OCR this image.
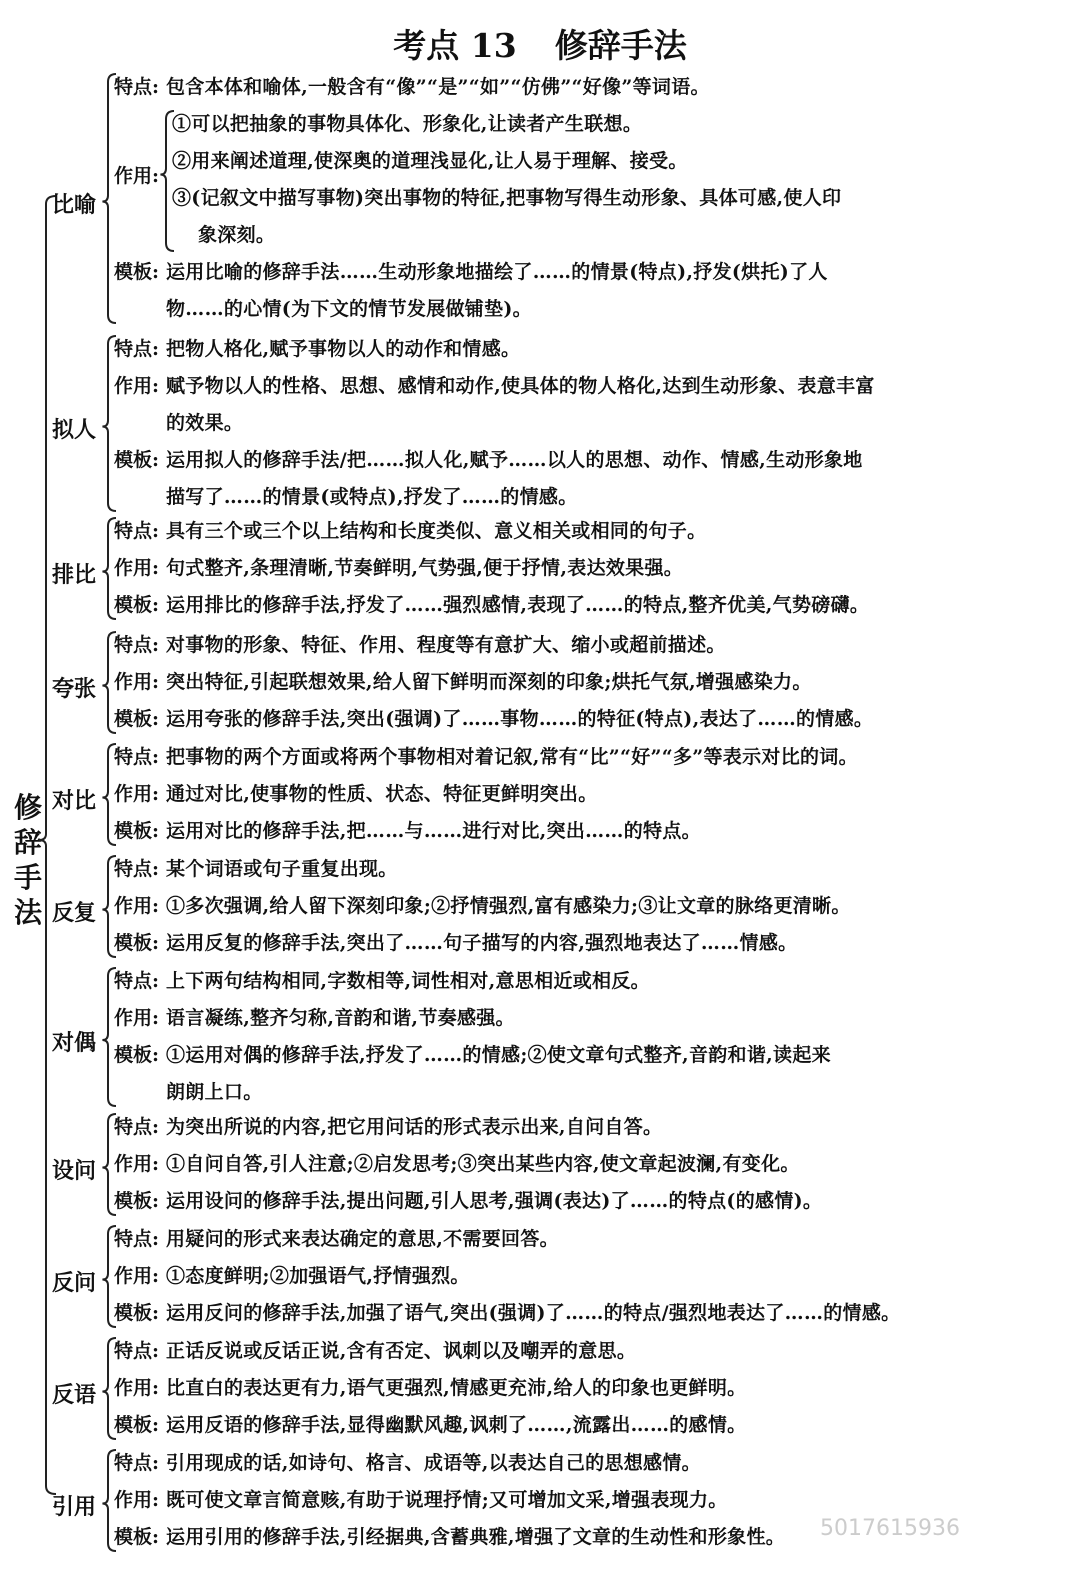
考点 13 修辞手法
修
辞
手
法
特点: 包含本体和喻体,一般含有“像”“是”“如”“仿佛”“好像”等词语。
作用:
①可以把抽象的事物具体化、形象化,让读者产生联想。
②用来阐述道理,使深奥的道理浅显化,让人易于理解、接受。
③(记叙文中描写事物)突出事物的特征,把事物写得生动形象、具体可感,使人印
象深刻。
模板: 运用比喻的修辞手法……生动形象地描绘了……的情景(特点),抒发(烘托)了人
物……的心情(为下文的情节发展做铺垫)。
比喻
特点: 把物人格化,赋予事物以人的动作和情感。
作用: 赋予物以人的性格、思想、感情和动作,使具体的物人格化,达到生动形象、表意丰富
的效果。
模板: 运用拟人的修辞手法/把……拟人化,赋予……以人的思想、动作、情感,生动形象地
描写了……的情景(或特点),抒发了……的情感。
拟人
特点: 具有三个或三个以上结构和长度类似、意义相关或相同的句子。
作用: 句式整齐,条理清晰,节奏鲜明,气势强,便于抒情,表达效果强。
模板: 运用排比的修辞手法,抒发了……强烈感情,表现了……的特点,整齐优美,气势磅礴。
排比
特点: 对事物的形象、特征、作用、程度等有意扩大、缩小或超前描述。
作用: 突出特征,引起联想效果,给人留下鲜明而深刻的印象;烘托气氛,增强感染力。
模板: 运用夸张的修辞手法,突出(强调)了……事物……的特征(特点),表达了……的情感。
夸张
特点: 把事物的两个方面或将两个事物相对着记叙,常有“比”“好”“多”等表示对比的词。
作用: 通过对比,使事物的性质、状态、特征更鲜明突出。
模板: 运用对比的修辞手法,把……与……进行对比,突出……的特点。
对比
特点: 某个词语或句子重复出现。
作用: ①多次强调,给人留下深刻印象;②抒情强烈,富有感染力;③让文章的脉络更清晰。
模板: 运用反复的修辞手法,突出了……句子描写的内容,强烈地表达了……情感。
反复
特点: 上下两句结构相同,字数相等,词性相对,意思相近或相反。
作用: 语言凝练,整齐匀称,音韵和谐,节奏感强。
模板: ①运用对偶的修辞手法,抒发了……的情感;②使文章句式整齐,音韵和谐,读起来
朗朗上口。
对偶
特点: 为突出所说的内容,把它用问话的形式表示出来,自问自答。
作用: ①自问自答,引人注意;②启发思考;③突出某些内容,使文章起波澜,有变化。
模板: 运用设问的修辞手法,提出问题,引人思考,强调(表达)了……的特点(的感情)。
设问
特点: 用疑问的形式来表达确定的意思,不需要回答。
作用: ①态度鲜明;②加强语气,抒情强烈。
模板: 运用反问的修辞手法,加强了语气,突出(强调)了……的特点/强烈地表达了……的情感。
反问
特点: 正话反说或反话正说,含有否定、讽刺以及嘲弄的意思。
作用: 比直白的表达更有力,语气更强烈,情感更充沛,给人的印象也更鲜明。
模板: 运用反语的修辞手法,显得幽默风趣,讽刺了……,流露出……的感情。
反语
特点: 引用现成的话,如诗句、格言、成语等,以表达自己的思想感情。
作用: 既可使文章言简意赅,有助于说理抒情;又可增加文采,增强表现力。
模板: 运用引用的修辞手法,引经据典,含蓄典雅,增强了文章的生动性和形象性。
引用
5017615936
